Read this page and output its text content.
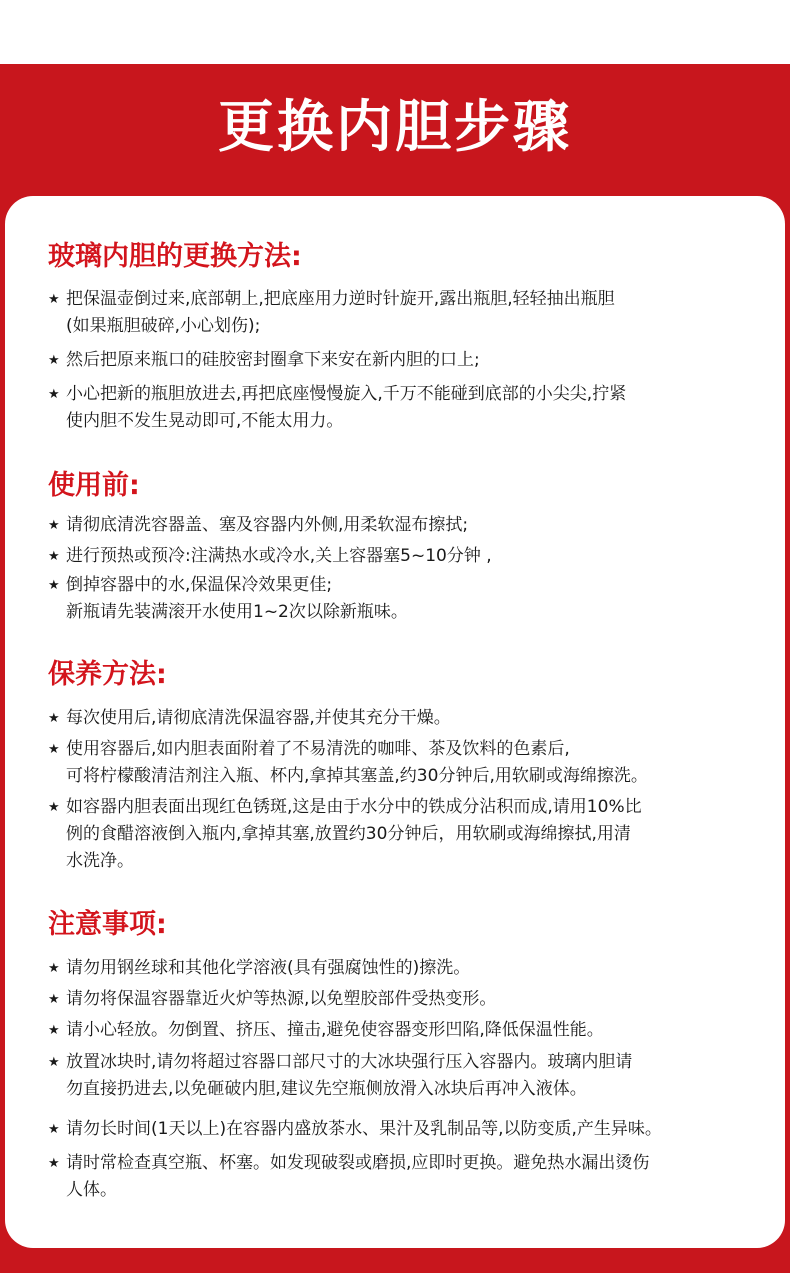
更换内胆步骤
玻璃内胆的更换方法:
★ 把保温壶倒过来,底部朝上,把底座用力逆时针旋开,露出瓶胆,轻轻抽出瓶胆
(如果瓶胆破碎,小心划伤);
★ 然后把原来瓶口的硅胶密封圈拿下来安在新内胆的口上;
★ 小心把新的瓶胆放进去,再把底座慢慢旋入,千万不能碰到底部的小尖尖,拧紧
使内胆不发生晃动即可,不能太用力。
使用前:
★ 请彻底清洗容器盖、塞及容器内外侧,用柔软湿布擦拭;
★ 进行预热或预冷:注满热水或冷水,关上容器塞5~10分钟 ,
★ 倒掉容器中的水,保温保冷效果更佳;
新瓶请先装满滚开水使用1~2次以除新瓶味。
保养方法:
★ 每次使用后,请彻底清洗保温容器,并使其充分干燥。
★ 使用容器后,如内胆表面附着了不易清洗的咖啡、茶及饮料的色素后,
可将柠檬酸清洁剂注入瓶、杯内,拿掉其塞盖,约30分钟后,用软刷或海绵擦洗。
★ 如容器内胆表面出现红色锈斑,这是由于水分中的铁成分沾积而成,请用10%比
例的食醋溶液倒入瓶内,拿掉其塞,放置约30分钟后，用软刷或海绵擦拭,用清
水洗净。
注意事项:
★ 请勿用钢丝球和其他化学溶液(具有强腐蚀性的)擦洗。
★ 请勿将保温容器靠近火炉等热源,以免塑胶部件受热变形。
★ 请小心轻放。勿倒置、挤压、撞击,避免使容器变形凹陷,降低保温性能。
★ 放置冰块时,请勿将超过容器口部尺寸的大冰块强行压入容器内。玻璃内胆请
勿直接扔进去,以免砸破内胆,建议先空瓶侧放滑入冰块后再冲入液体。
★ 请勿长时间(1天以上)在容器内盛放茶水、果汁及乳制品等,以防变质,产生异味。
★ 请时常检查真空瓶、杯塞。如发现破裂或磨损,应即时更换。避免热水漏出烫伤
人体。
